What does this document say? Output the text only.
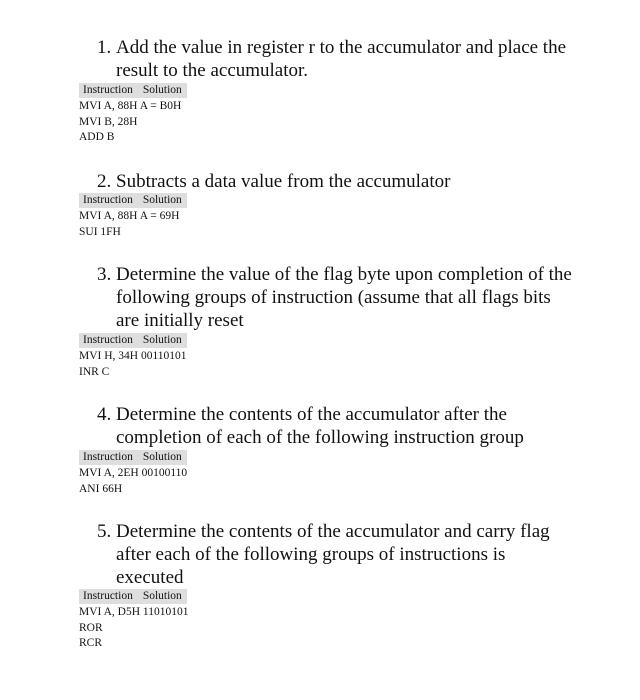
1. Add the value in register r to the accumulator and place the result to the accumulator.
Instruction Solution
MVI A, 88H A = B0H
MVI B, 28H
ADD B
2. Subtracts a data value from the accumulator
Instruction Solution
MVI A, 88H A = 69H
SUI 1FH
3. Determine the value of the flag byte upon completion of the following groups of instruction (assume that all flags bits are initially reset
Instruction Solution
MVI H, 34H 00110101
INR C
4. Determine the contents of the accumulator after the completion of each of the following instruction group
Instruction Solution
MVI A, 2EH 00100110
ANI 66H
5. Determine the contents of the accumulator and carry flag after each of the following groups of instructions is executed
Instruction Solution
MVI A, D5H 11010101
ROR
RCR
